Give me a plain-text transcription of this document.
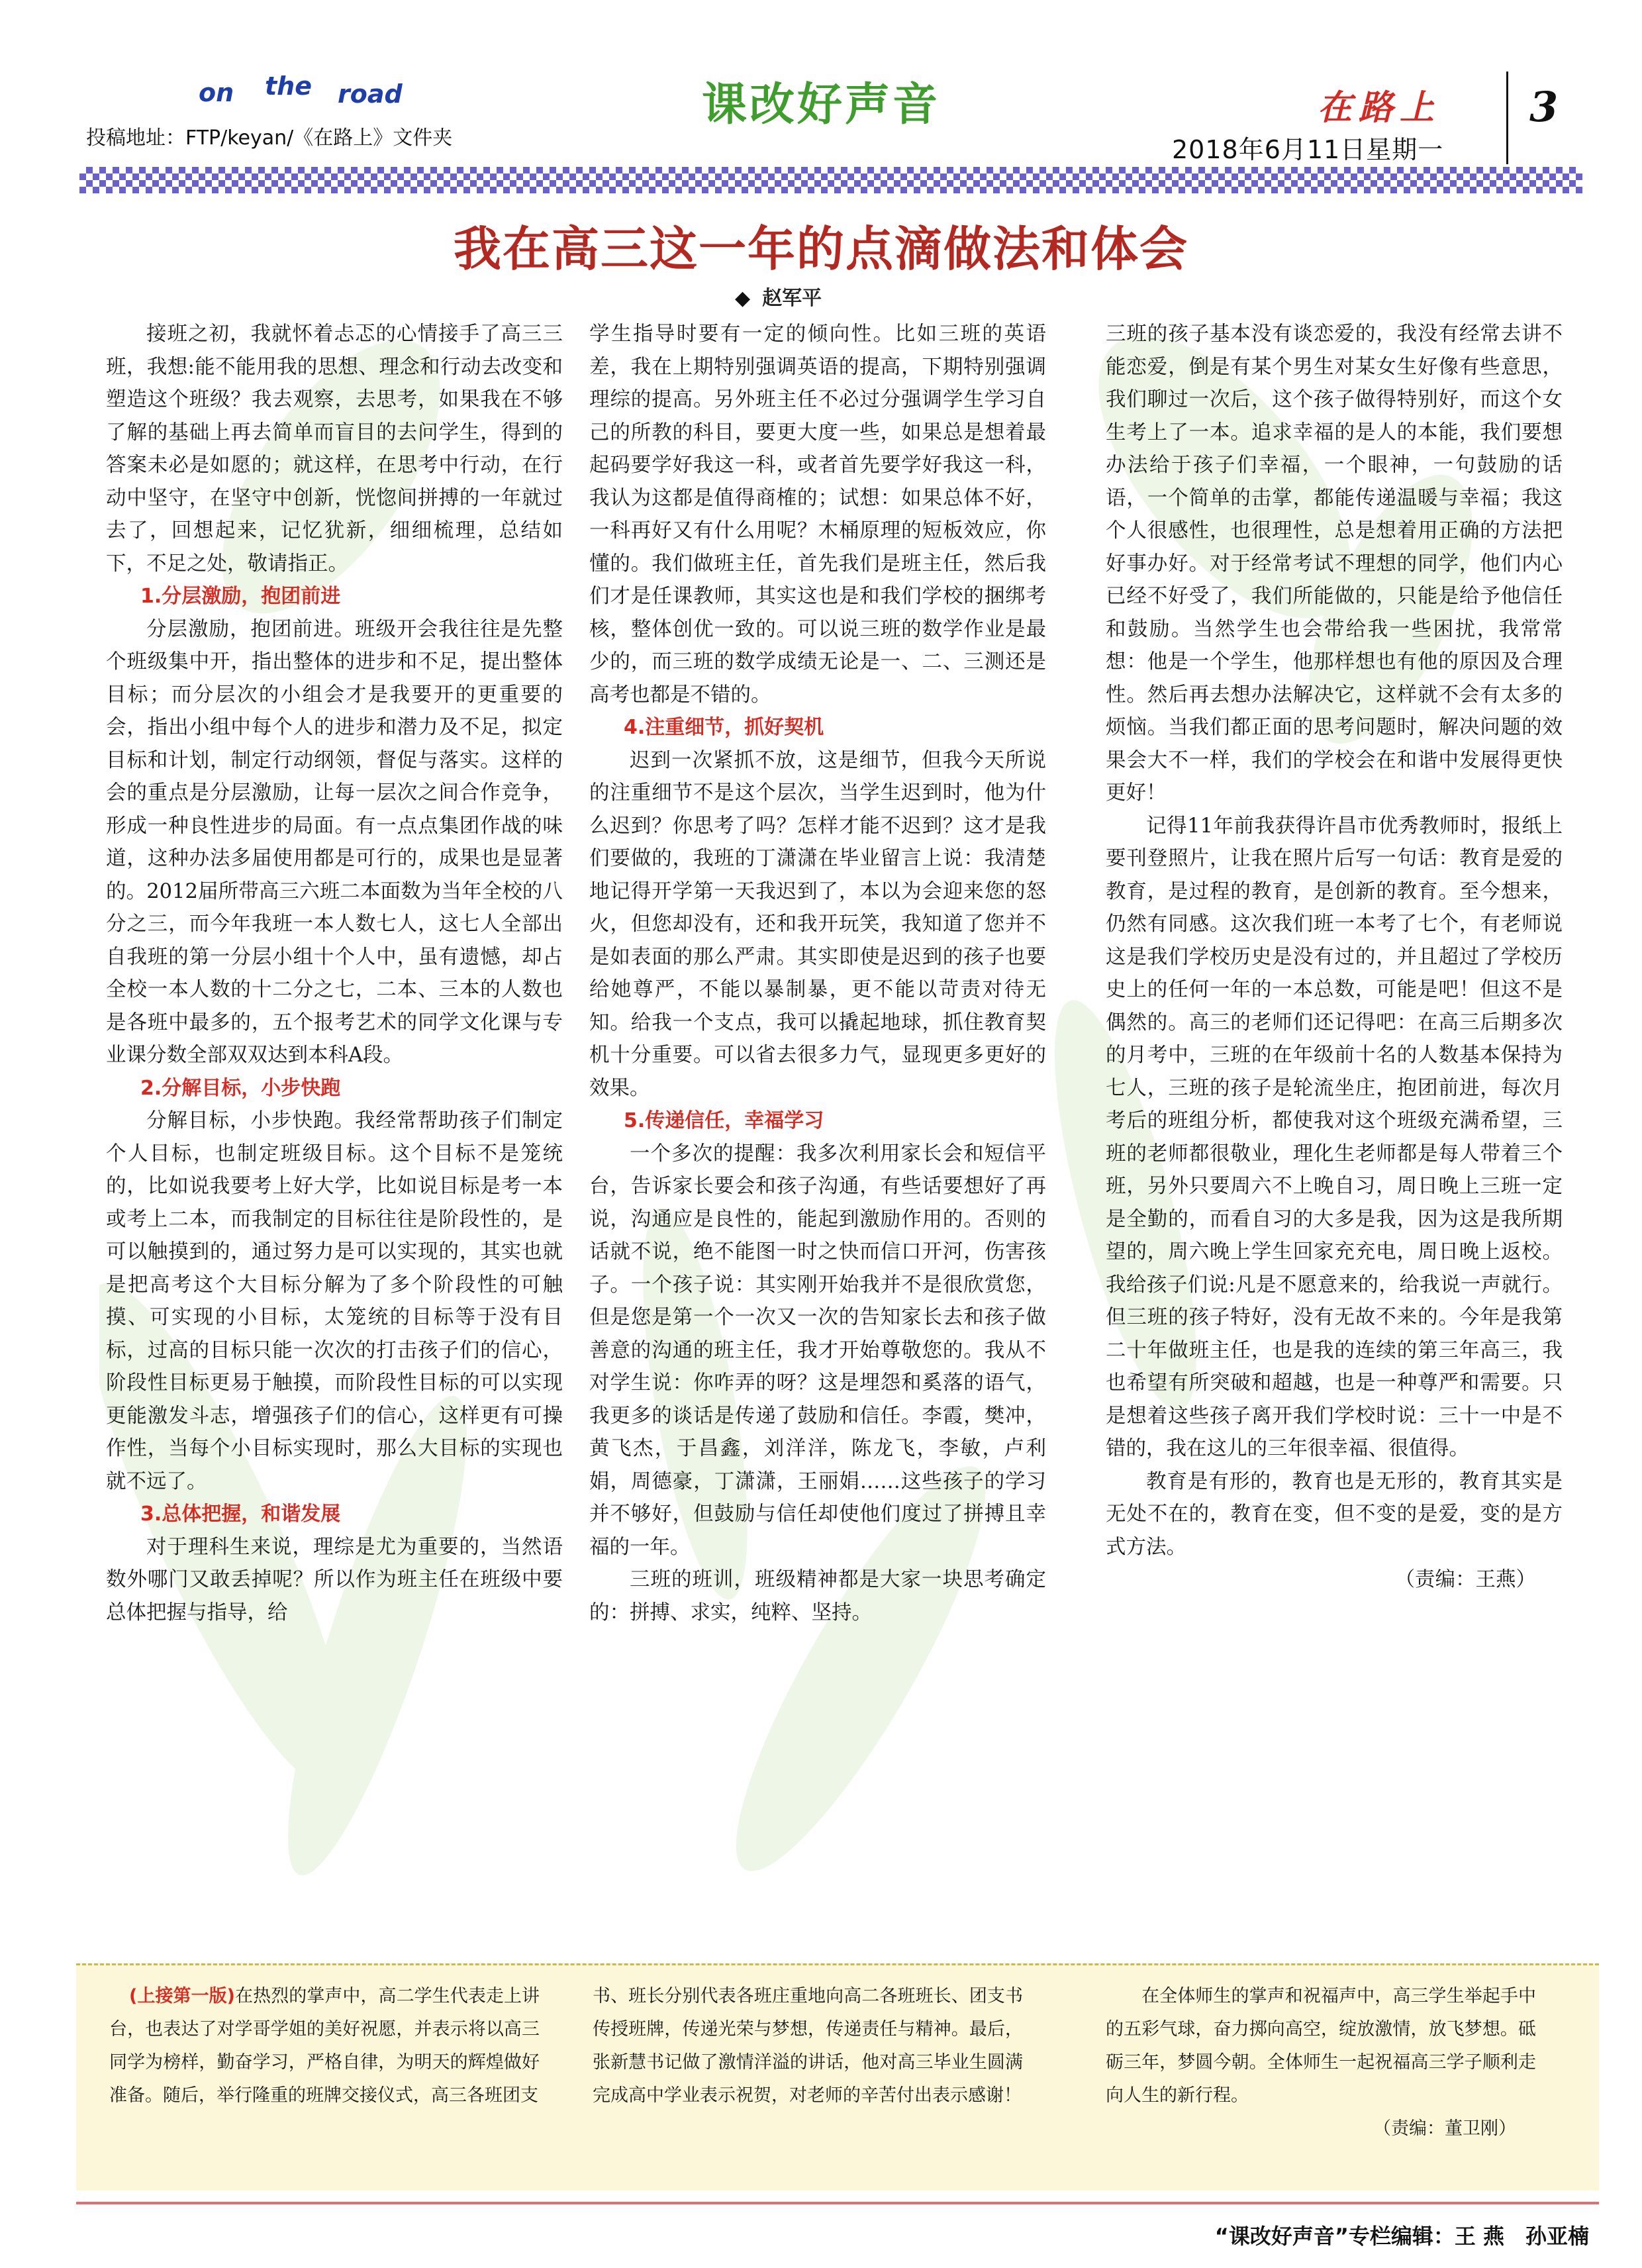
on the road
投稿地址：FTP/keyan/《在路上》文件夹
课改好声音	在路上
2018年6月11日星期一
3
我在高三这一年的点滴做法和体会
◆ 赵军平

接班之初，我就怀着忐忑的心情接手了高三三班，我想:能不能用我的思想、理念和行动去改变和塑造这个班级？我去观察，去思考，如果我在不够了解的基础上再去简单而盲目的去问学生，得到的答案未必是如愿的；就这样，在思考中行动，在行动中坚守，在坚守中创新，恍惚间拼搏的一年就过去了，回想起来，记忆犹新，细细梳理，总结如下，不足之处，敬请指正。

1.分层激励，抱团前进

分层激励，抱团前进。班级开会我往往是先整个班级集中开，指出整体的进步和不足，提出整体目标；而分层次的小组会才是我要开的更重要的会，指出小组中每个人的进步和潜力及不足，拟定目标和计划，制定行动纲领，督促与落实。这样的会的重点是分层激励，让每一层次之间合作竞争，形成一种良性进步的局面。有一点点集团作战的味道，这种办法多届使用都是可行的，成果也是显著的。2012届所带高三六班二本面数为当年全校的八分之三，而今年我班一本人数七人，这七人全部出自我班的第一分层小组十个人中，虽有遗憾，却占全校一本人数的十二分之七，二本、三本的人数也是各班中最多的，五个报考艺术的同学文化课与专业课分数全部双双达到本科A段。

2.分解目标，小步快跑

分解目标，小步快跑。我经常帮助孩子们制定个人目标，也制定班级目标。这个目标不是笼统的，比如说我要考上好大学，比如说目标是考一本或考上二本，而我制定的目标往往是阶段性的，是可以触摸到的，通过努力是可以实现的，其实也就是把高考这个大目标分解为了多个阶段性的可触摸、可实现的小目标，太笼统的目标等于没有目标，过高的目标只能一次次的打击孩子们的信心，阶段性目标更易于触摸，而阶段性目标的可以实现更能激发斗志，增强孩子们的信心，这样更有可操作性，当每个小目标实现时，那么大目标的实现也就不远了。

3.总体把握，和谐发展

对于理科生来说，理综是尤为重要的，当然语数外哪门又敢丢掉呢？所以作为班主任在班级中要总体把握与指导，给

学生指导时要有一定的倾向性。比如三班的英语差，我在上期特别强调英语的提高，下期特别强调理综的提高。另外班主任不必过分强调学生学习自己的所教的科目，要更大度一些，如果总是想着最起码要学好我这一科，或者首先要学好我这一科，我认为这都是值得商榷的；试想：如果总体不好，一科再好又有什么用呢？木桶原理的短板效应，你懂的。我们做班主任，首先我们是班主任，然后我们才是任课教师，其实这也是和我们学校的捆绑考核，整体创优一致的。可以说三班的数学作业是最少的，而三班的数学成绩无论是一、二、三测还是高考也都是不错的。

4.注重细节，抓好契机

迟到一次紧抓不放，这是细节，但我今天所说的注重细节不是这个层次，当学生迟到时，他为什么迟到？你思考了吗？怎样才能不迟到？这才是我们要做的，我班的丁潇潇在毕业留言上说：我清楚地记得开学第一天我迟到了，本以为会迎来您的怒火，但您却没有，还和我开玩笑，我知道了您并不是如表面的那么严肃。其实即使是迟到的孩子也要给她尊严，不能以暴制暴，更不能以苛责对待无知。给我一个支点，我可以撬起地球，抓住教育契机十分重要。可以省去很多力气，显现更多更好的效果。

5.传递信任，幸福学习

一个多次的提醒：我多次利用家长会和短信平台，告诉家长要会和孩子沟通，有些话要想好了再说，沟通应是良性的，能起到激励作用的。否则的话就不说，绝不能图一时之快而信口开河，伤害孩子。一个孩子说：其实刚开始我并不是很欣赏您，但是您是第一个一次又一次的告知家长去和孩子做善意的沟通的班主任，我才开始尊敬您的。我从不对学生说：你咋弄的呀？这是埋怨和奚落的语气，我更多的谈话是传递了鼓励和信任。李霞，樊冲，黄飞杰，于昌鑫，刘洋洋，陈龙飞，李敏，卢利娟，周德豪，丁潇潇，王丽娟……这些孩子的学习并不够好，但鼓励与信任却使他们度过了拼搏且幸福的一年。

三班的班训，班级精神都是大家一块思考确定的：拼搏、求实，纯粹、坚持。

三班的孩子基本没有谈恋爱的，我没有经常去讲不能恋爱，倒是有某个男生对某女生好像有些意思，我们聊过一次后，这个孩子做得特别好，而这个女生考上了一本。追求幸福的是人的本能，我们要想办法给于孩子们幸福，一个眼神，一句鼓励的话语，一个简单的击掌，都能传递温暖与幸福；我这个人很感性，也很理性，总是想着用正确的方法把好事办好。对于经常考试不理想的同学，他们内心已经不好受了，我们所能做的，只能是给予他信任和鼓励。当然学生也会带给我一些困扰，我常常想：他是一个学生，他那样想也有他的原因及合理性。然后再去想办法解决它，这样就不会有太多的烦恼。当我们都正面的思考问题时，解决问题的效果会大不一样，我们的学校会在和谐中发展得更快更好！

记得11年前我获得许昌市优秀教师时，报纸上要刊登照片，让我在照片后写一句话：教育是爱的教育，是过程的教育，是创新的教育。至今想来，仍然有同感。这次我们班一本考了七个，有老师说这是我们学校历史是没有过的，并且超过了学校历史上的任何一年的一本总数，可能是吧！但这不是偶然的。高三的老师们还记得吧：在高三后期多次的月考中，三班的在年级前十名的人数基本保持为七人，三班的孩子是轮流坐庄，抱团前进，每次月考后的班组分析，都使我对这个班级充满希望，三班的老师都很敬业，理化生老师都是每人带着三个班，另外只要周六不上晚自习，周日晚上三班一定是全勤的，而看自习的大多是我，因为这是我所期望的，周六晚上学生回家充充电，周日晚上返校。我给孩子们说:凡是不愿意来的，给我说一声就行。但三班的孩子特好，没有无故不来的。今年是我第二十年做班主任，也是我的连续的第三年高三，我也希望有所突破和超越，也是一种尊严和需要。只是想着这些孩子离开我们学校时说：三十一中是不错的，我在这儿的三年很幸福、很值得。

教育是有形的，教育也是无形的，教育其实是无处不在的，教育在变，但不变的是爱，变的是方式方法。

（责编：王燕）

(上接第一版)在热烈的掌声中，高二学生代表走上讲台，也表达了对学哥学姐的美好祝愿，并表示将以高三同学为榜样，勤奋学习，严格自律，为明天的辉煌做好准备。随后，举行隆重的班牌交接仪式，高三各班团支

书、班长分别代表各班庄重地向高二各班班长、团支书传授班牌，传递光荣与梦想，传递责任与精神。最后，张新慧书记做了激情洋溢的讲话，他对高三毕业生圆满完成高中学业表示祝贺，对老师的辛苦付出表示感谢！

在全体师生的掌声和祝福声中，高三学生举起手中的五彩气球，奋力掷向高空，绽放激情，放飞梦想。砥砺三年，梦圆今朝。全体师生一起祝福高三学子顺利走向人生的新行程。

（责编：董卫刚）

“课改好声音”专栏编辑：王 燕　孙亚楠
